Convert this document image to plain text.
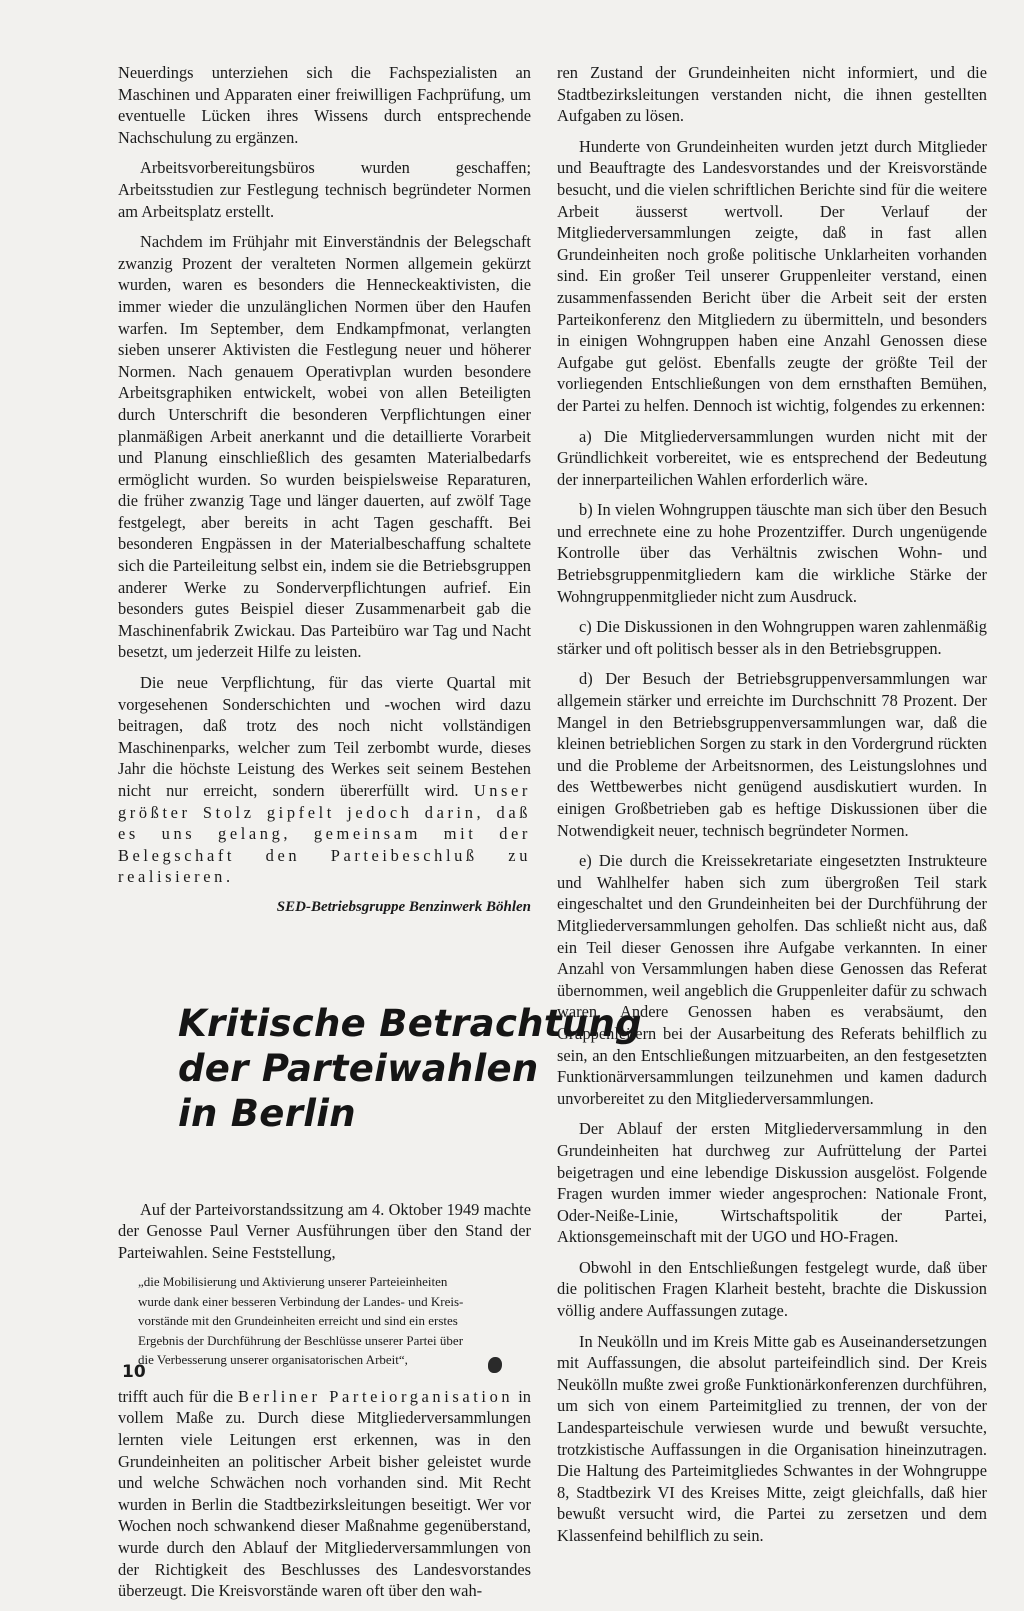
Neuerdings unterziehen sich die Fachspezialisten an Maschinen und Apparaten einer freiwilligen Fachprüfung, um eventuelle Lücken ihres Wissens durch entsprechende Nachschulung zu ergänzen.

Arbeitsvorbereitungsbüros wurden geschaffen; Arbeitsstudien zur Festlegung technisch begründeter Normen am Arbeitsplatz erstellt.

Nachdem im Frühjahr mit Einverständnis der Belegschaft zwanzig Prozent der veralteten Normen allgemein gekürzt wurden, waren es besonders die Henneckeaktivisten, die immer wieder die unzulänglichen Normen über den Haufen warfen. Im September, dem Endkampfmonat, verlangten sieben unserer Aktivisten die Festlegung neuer und höherer Normen. Nach genauem Operativplan wurden besondere Arbeitsgraphiken entwickelt, wobei von allen Beteiligten durch Unterschrift die besonderen Verpflichtungen einer planmäßigen Arbeit anerkannt und die detaillierte Vorarbeit und Planung einschließlich des gesamten Materialbedarfs ermöglicht wurden. So wurden beispielsweise Reparaturen, die früher zwanzig Tage und länger dauerten, auf zwölf Tage festgelegt, aber bereits in acht Tagen geschafft. Bei besonderen Engpässen in der Materialbeschaffung schaltete sich die Parteileitung selbst ein, indem sie die Betriebsgruppen anderer Werke zu Sonderverpflichtungen aufrief. Ein besonders gutes Beispiel dieser Zusammenarbeit gab die Maschinenfabrik Zwickau. Das Parteibüro war Tag und Nacht besetzt, um jederzeit Hilfe zu leisten.

Die neue Verpflichtung, für das vierte Quartal mit vorgesehenen Sonderschichten und -wochen wird dazu beitragen, daß trotz des noch nicht vollständigen Maschinenparks, welcher zum Teil zerbombt wurde, dieses Jahr die höchste Leistung des Werkes seit seinem Bestehen nicht nur erreicht, sondern übererfüllt wird. Unser größter Stolz gipfelt jedoch darin, daß es uns gelang, gemeinsam mit der Belegschaft den Parteibeschluß zu realisieren.

SED-Betriebsgruppe Benzinwerk Böhlen

Kritische Betrachtung
der Parteiwahlen
in Berlin

Auf der Parteivorstandssitzung am 4. Oktober 1949 machte der Genosse Paul Verner Ausführungen über den Stand der Parteiwahlen. Seine Feststellung,

„die Mobilisierung und Aktivierung unserer Parteieinheiten
wurde dank einer besseren Verbindung der Landes- und Kreis-
vorstände mit den Grundeinheiten erreicht und sind ein erstes
Ergebnis der Durchführung der Beschlüsse unserer Partei über
die Verbesserung unserer organisatorischen Arbeit“,

trifft auch für die Berliner Parteiorganisation in vollem Maße zu. Durch diese Mitgliederversammlungen lernten viele Leitungen erst erkennen, was in den Grundeinheiten an politischer Arbeit bisher geleistet wurde und welche Schwächen noch vorhanden sind. Mit Recht wurden in Berlin die Stadtbezirksleitungen beseitigt. Wer vor Wochen noch schwankend dieser Maßnahme gegenüberstand, wurde durch den Ablauf der Mitgliederversammlungen von der Richtigkeit des Beschlusses des Landesvorstandes überzeugt. Die Kreisvorstände waren oft über den wah-

ren Zustand der Grundeinheiten nicht informiert, und die Stadtbezirksleitungen verstanden nicht, die ihnen gestellten Aufgaben zu lösen.

Hunderte von Grundeinheiten wurden jetzt durch Mitglieder und Beauftragte des Landesvorstandes und der Kreisvorstände besucht, und die vielen schriftlichen Berichte sind für die weitere Arbeit äusserst wertvoll. Der Verlauf der Mitgliederversammlungen zeigte, daß in fast allen Grundeinheiten noch große politische Unklarheiten vorhanden sind. Ein großer Teil unserer Gruppenleiter verstand, einen zusammenfassenden Bericht über die Arbeit seit der ersten Parteikonferenz den Mitgliedern zu übermitteln, und besonders in einigen Wohngruppen haben eine Anzahl Genossen diese Aufgabe gut gelöst. Ebenfalls zeugte der größte Teil der vorliegenden Entschließungen von dem ernsthaften Bemühen, der Partei zu helfen. Dennoch ist wichtig, folgendes zu erkennen:

a) Die Mitgliederversammlungen wurden nicht mit der Gründlichkeit vorbereitet, wie es entsprechend der Bedeutung der innerparteilichen Wahlen erforderlich wäre.

b) In vielen Wohngruppen täuschte man sich über den Besuch und errechnete eine zu hohe Prozentziffer. Durch ungenügende Kontrolle über das Verhältnis zwischen Wohn- und Betriebsgruppenmitgliedern kam die wirkliche Stärke der Wohngruppenmitglieder nicht zum Ausdruck.

c) Die Diskussionen in den Wohngruppen waren zahlenmäßig stärker und oft politisch besser als in den Betriebsgruppen.

d) Der Besuch der Betriebsgruppenversammlungen war allgemein stärker und erreichte im Durchschnitt 78 Prozent. Der Mangel in den Betriebsgruppenversammlungen war, daß die kleinen betrieblichen Sorgen zu stark in den Vordergrund rückten und die Probleme der Arbeitsnormen, des Leistungslohnes und des Wettbewerbes nicht genügend ausdiskutiert wurden. In einigen Großbetrieben gab es heftige Diskussionen über die Notwendigkeit neuer, technisch begründeter Normen.

e) Die durch die Kreissekretariate eingesetzten Instrukteure und Wahlhelfer haben sich zum übergroßen Teil stark eingeschaltet und den Grundeinheiten bei der Durchführung der Mitgliederversammlungen geholfen. Das schließt nicht aus, daß ein Teil dieser Genossen ihre Aufgabe verkannten. In einer Anzahl von Versammlungen haben diese Genossen das Referat übernommen, weil angeblich die Gruppenleiter dafür zu schwach waren. Andere Genossen haben es verabsäumt, den Gruppenleitern bei der Ausarbeitung des Referats behilflich zu sein, an den Entschließungen mitzuarbeiten, an den festgesetzten Funktionärversammlungen teilzunehmen und kamen dadurch unvorbereitet zu den Mitgliederversammlungen.

Der Ablauf der ersten Mitgliederversammlung in den Grundeinheiten hat durchweg zur Aufrüttelung der Partei beigetragen und eine lebendige Diskussion ausgelöst. Folgende Fragen wurden immer wieder angesprochen: Nationale Front, Oder-Neiße-Linie, Wirtschaftspolitik der Partei, Aktionsgemeinschaft mit der UGO und HO-Fragen.

Obwohl in den Entschließungen festgelegt wurde, daß über die politischen Fragen Klarheit besteht, brachte die Diskussion völlig andere Auffassungen zutage.

In Neukölln und im Kreis Mitte gab es Auseinandersetzungen mit Auffassungen, die absolut parteifeindlich sind. Der Kreis Neukölln mußte zwei große Funktionärkonferenzen durchführen, um sich von einem Parteimitglied zu trennen, der von der Landesparteischule verwiesen wurde und bewußt versuchte, trotzkistische Auffassungen in die Organisation hineinzutragen. Die Haltung des Parteimitgliedes Schwantes in der Wohngruppe 8, Stadtbezirk VI des Kreises Mitte, zeigt gleichfalls, daß hier bewußt versucht wird, die Partei zu zersetzen und dem Klassenfeind behilflich zu sein.

10
